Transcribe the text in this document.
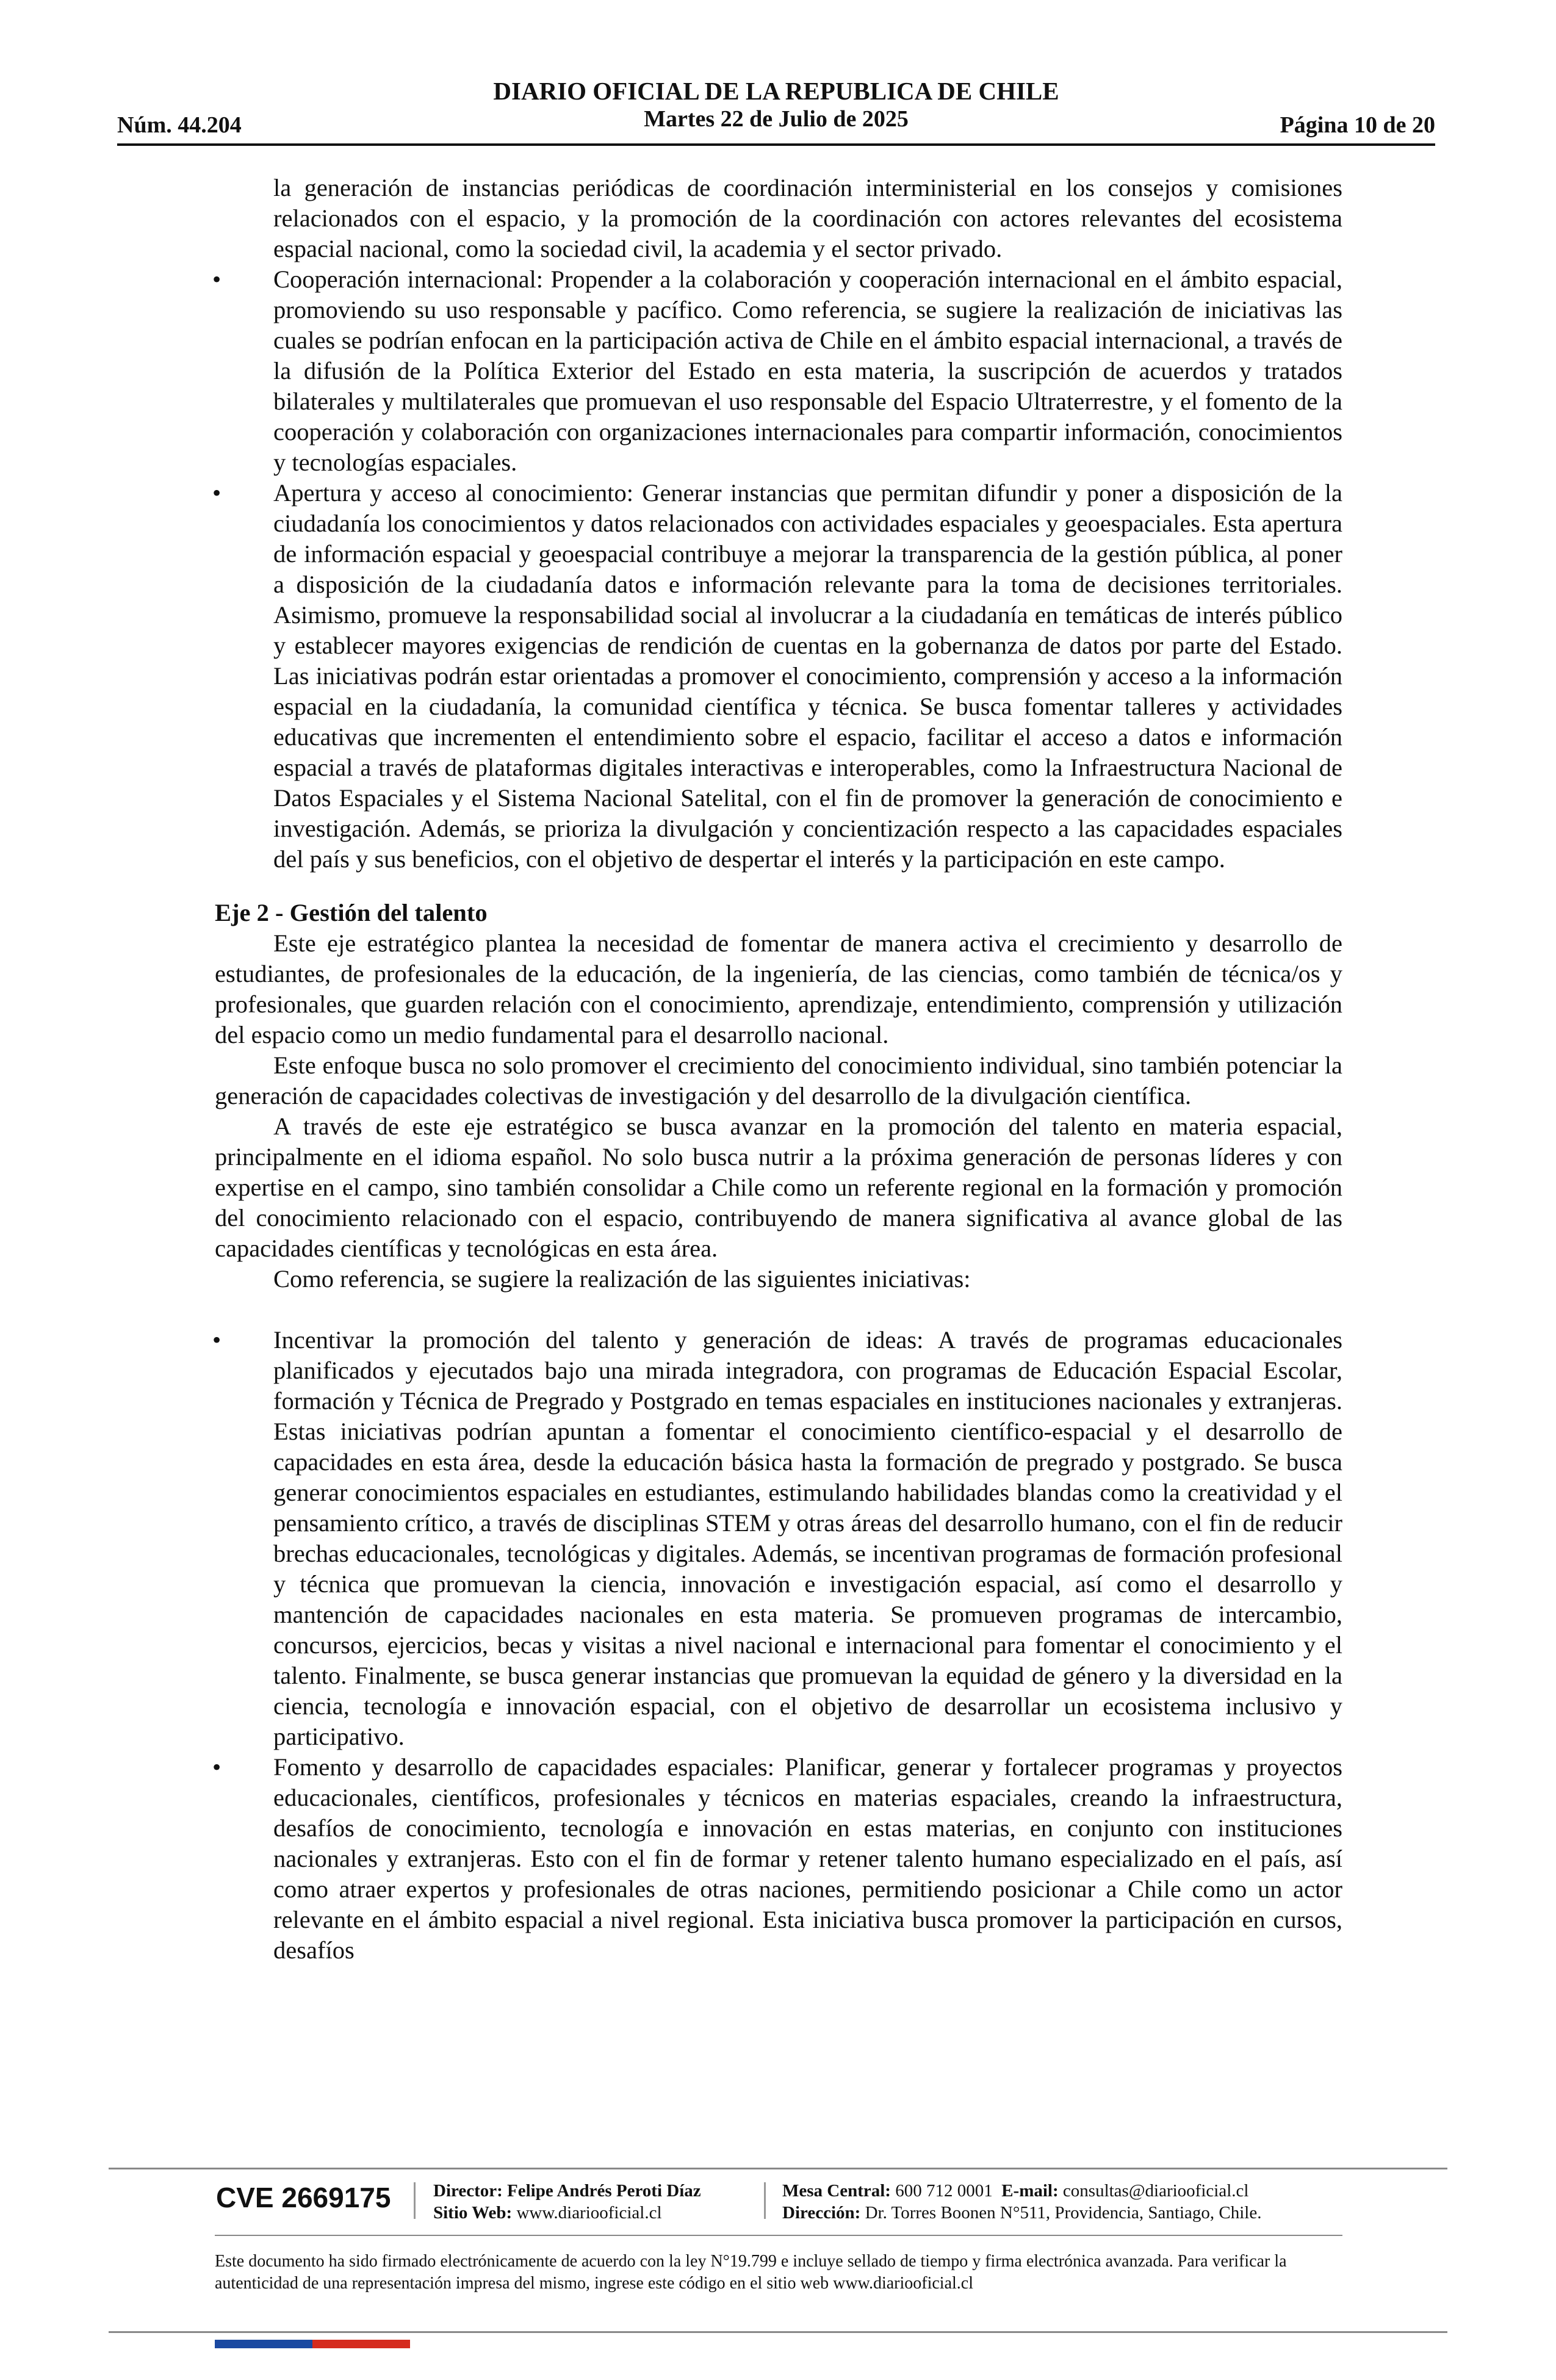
Núm. 44.204
DIARIO OFICIAL DE LA REPUBLICA DE CHILE
Martes 22 de Julio de 2025	Página 10 de 20

la generación de instancias periódicas de coordinación interministerial en los consejos y comisiones relacionados con el espacio, y la promoción de la coordinación con actores relevantes del ecosistema espacial nacional, como la sociedad civil, la academia y el sector privado.

• Cooperación internacional: Propender a la colaboración y cooperación internacional en el ámbito espacial, promoviendo su uso responsable y pacífico. Como referencia, se sugiere la realización de iniciativas las cuales se podrían enfocan en la participación activa de Chile en el ámbito espacial internacional, a través de la difusión de la Política Exterior del Estado en esta materia, la suscripción de acuerdos y tratados bilaterales y multilaterales que promuevan el uso responsable del Espacio Ultraterrestre, y el fomento de la cooperación y colaboración con organizaciones internacionales para compartir información, conocimientos y tecnologías espaciales.

• Apertura y acceso al conocimiento: Generar instancias que permitan difundir y poner a disposición de la ciudadanía los conocimientos y datos relacionados con actividades espaciales y geoespaciales. Esta apertura de información espacial y geoespacial contribuye a mejorar la transparencia de la gestión pública, al poner a disposición de la ciudadanía datos e información relevante para la toma de decisiones territoriales. Asimismo, promueve la responsabilidad social al involucrar a la ciudadanía en temáticas de interés público y establecer mayores exigencias de rendición de cuentas en la gobernanza de datos por parte del Estado. Las iniciativas podrán estar orientadas a promover el conocimiento, comprensión y acceso a la información espacial en la ciudadanía, la comunidad científica y técnica. Se busca fomentar talleres y actividades educativas que incrementen el entendimiento sobre el espacio, facilitar el acceso a datos e información espacial a través de plataformas digitales interactivas e interoperables, como la Infraestructura Nacional de Datos Espaciales y el Sistema Nacional Satelital, con el fin de promover la generación de conocimiento e investigación. Además, se prioriza la divulgación y concientización respecto a las capacidades espaciales del país y sus beneficios, con el objetivo de despertar el interés y la participación en este campo.

Eje 2 - Gestión del talento

Este eje estratégico plantea la necesidad de fomentar de manera activa el crecimiento y desarrollo de estudiantes, de profesionales de la educación, de la ingeniería, de las ciencias, como también de técnica/os y profesionales, que guarden relación con el conocimiento, aprendizaje, entendimiento, comprensión y utilización del espacio como un medio fundamental para el desarrollo nacional.

Este enfoque busca no solo promover el crecimiento del conocimiento individual, sino también potenciar la generación de capacidades colectivas de investigación y del desarrollo de la divulgación científica.

A través de este eje estratégico se busca avanzar en la promoción del talento en materia espacial, principalmente en el idioma español. No solo busca nutrir a la próxima generación de personas líderes y con expertise en el campo, sino también consolidar a Chile como un referente regional en la formación y promoción del conocimiento relacionado con el espacio, contribuyendo de manera significativa al avance global de las capacidades científicas y tecnológicas en esta área.

Como referencia, se sugiere la realización de las siguientes iniciativas:

• Incentivar la promoción del talento y generación de ideas: A través de programas educacionales planificados y ejecutados bajo una mirada integradora, con programas de Educación Espacial Escolar, formación y Técnica de Pregrado y Postgrado en temas espaciales en instituciones nacionales y extranjeras. Estas iniciativas podrían apuntan a fomentar el conocimiento científico-espacial y el desarrollo de capacidades en esta área, desde la educación básica hasta la formación de pregrado y postgrado. Se busca generar conocimientos espaciales en estudiantes, estimulando habilidades blandas como la creatividad y el pensamiento crítico, a través de disciplinas STEM y otras áreas del desarrollo humano, con el fin de reducir brechas educacionales, tecnológicas y digitales. Además, se incentivan programas de formación profesional y técnica que promuevan la ciencia, innovación e investigación espacial, así como el desarrollo y mantención de capacidades nacionales en esta materia. Se promueven programas de intercambio, concursos, ejercicios, becas y visitas a nivel nacional e internacional para fomentar el conocimiento y el talento. Finalmente, se busca generar instancias que promuevan la equidad de género y la diversidad en la ciencia, tecnología e innovación espacial, con el objetivo de desarrollar un ecosistema inclusivo y participativo.

• Fomento y desarrollo de capacidades espaciales: Planificar, generar y fortalecer programas y proyectos educacionales, científicos, profesionales y técnicos en materias espaciales, creando la infraestructura, desafíos de conocimiento, tecnología e innovación en estas materias, en conjunto con instituciones nacionales y extranjeras. Esto con el fin de formar y retener talento humano especializado en el país, así como atraer expertos y profesionales de otras naciones, permitiendo posicionar a Chile como un actor relevante en el ámbito espacial a nivel regional. Esta iniciativa busca promover la participación en cursos, desafíos

CVE 2669175 Director: Felipe Andrés Peroti Díaz
Sitio Web: www.diariooficial.cl
Mesa Central: 600 712 0001 E-mail: consultas@diariooficial.cl
Dirección: Dr. Torres Boonen N°511, Providencia, Santiago, Chile.
Este documento ha sido firmado electrónicamente de acuerdo con la ley N°19.799 e incluye sellado de tiempo y firma electrónica avanzada. Para verificar la autenticidad de una representación impresa del mismo, ingrese este código en el sitio web www.diariooficial.cl
